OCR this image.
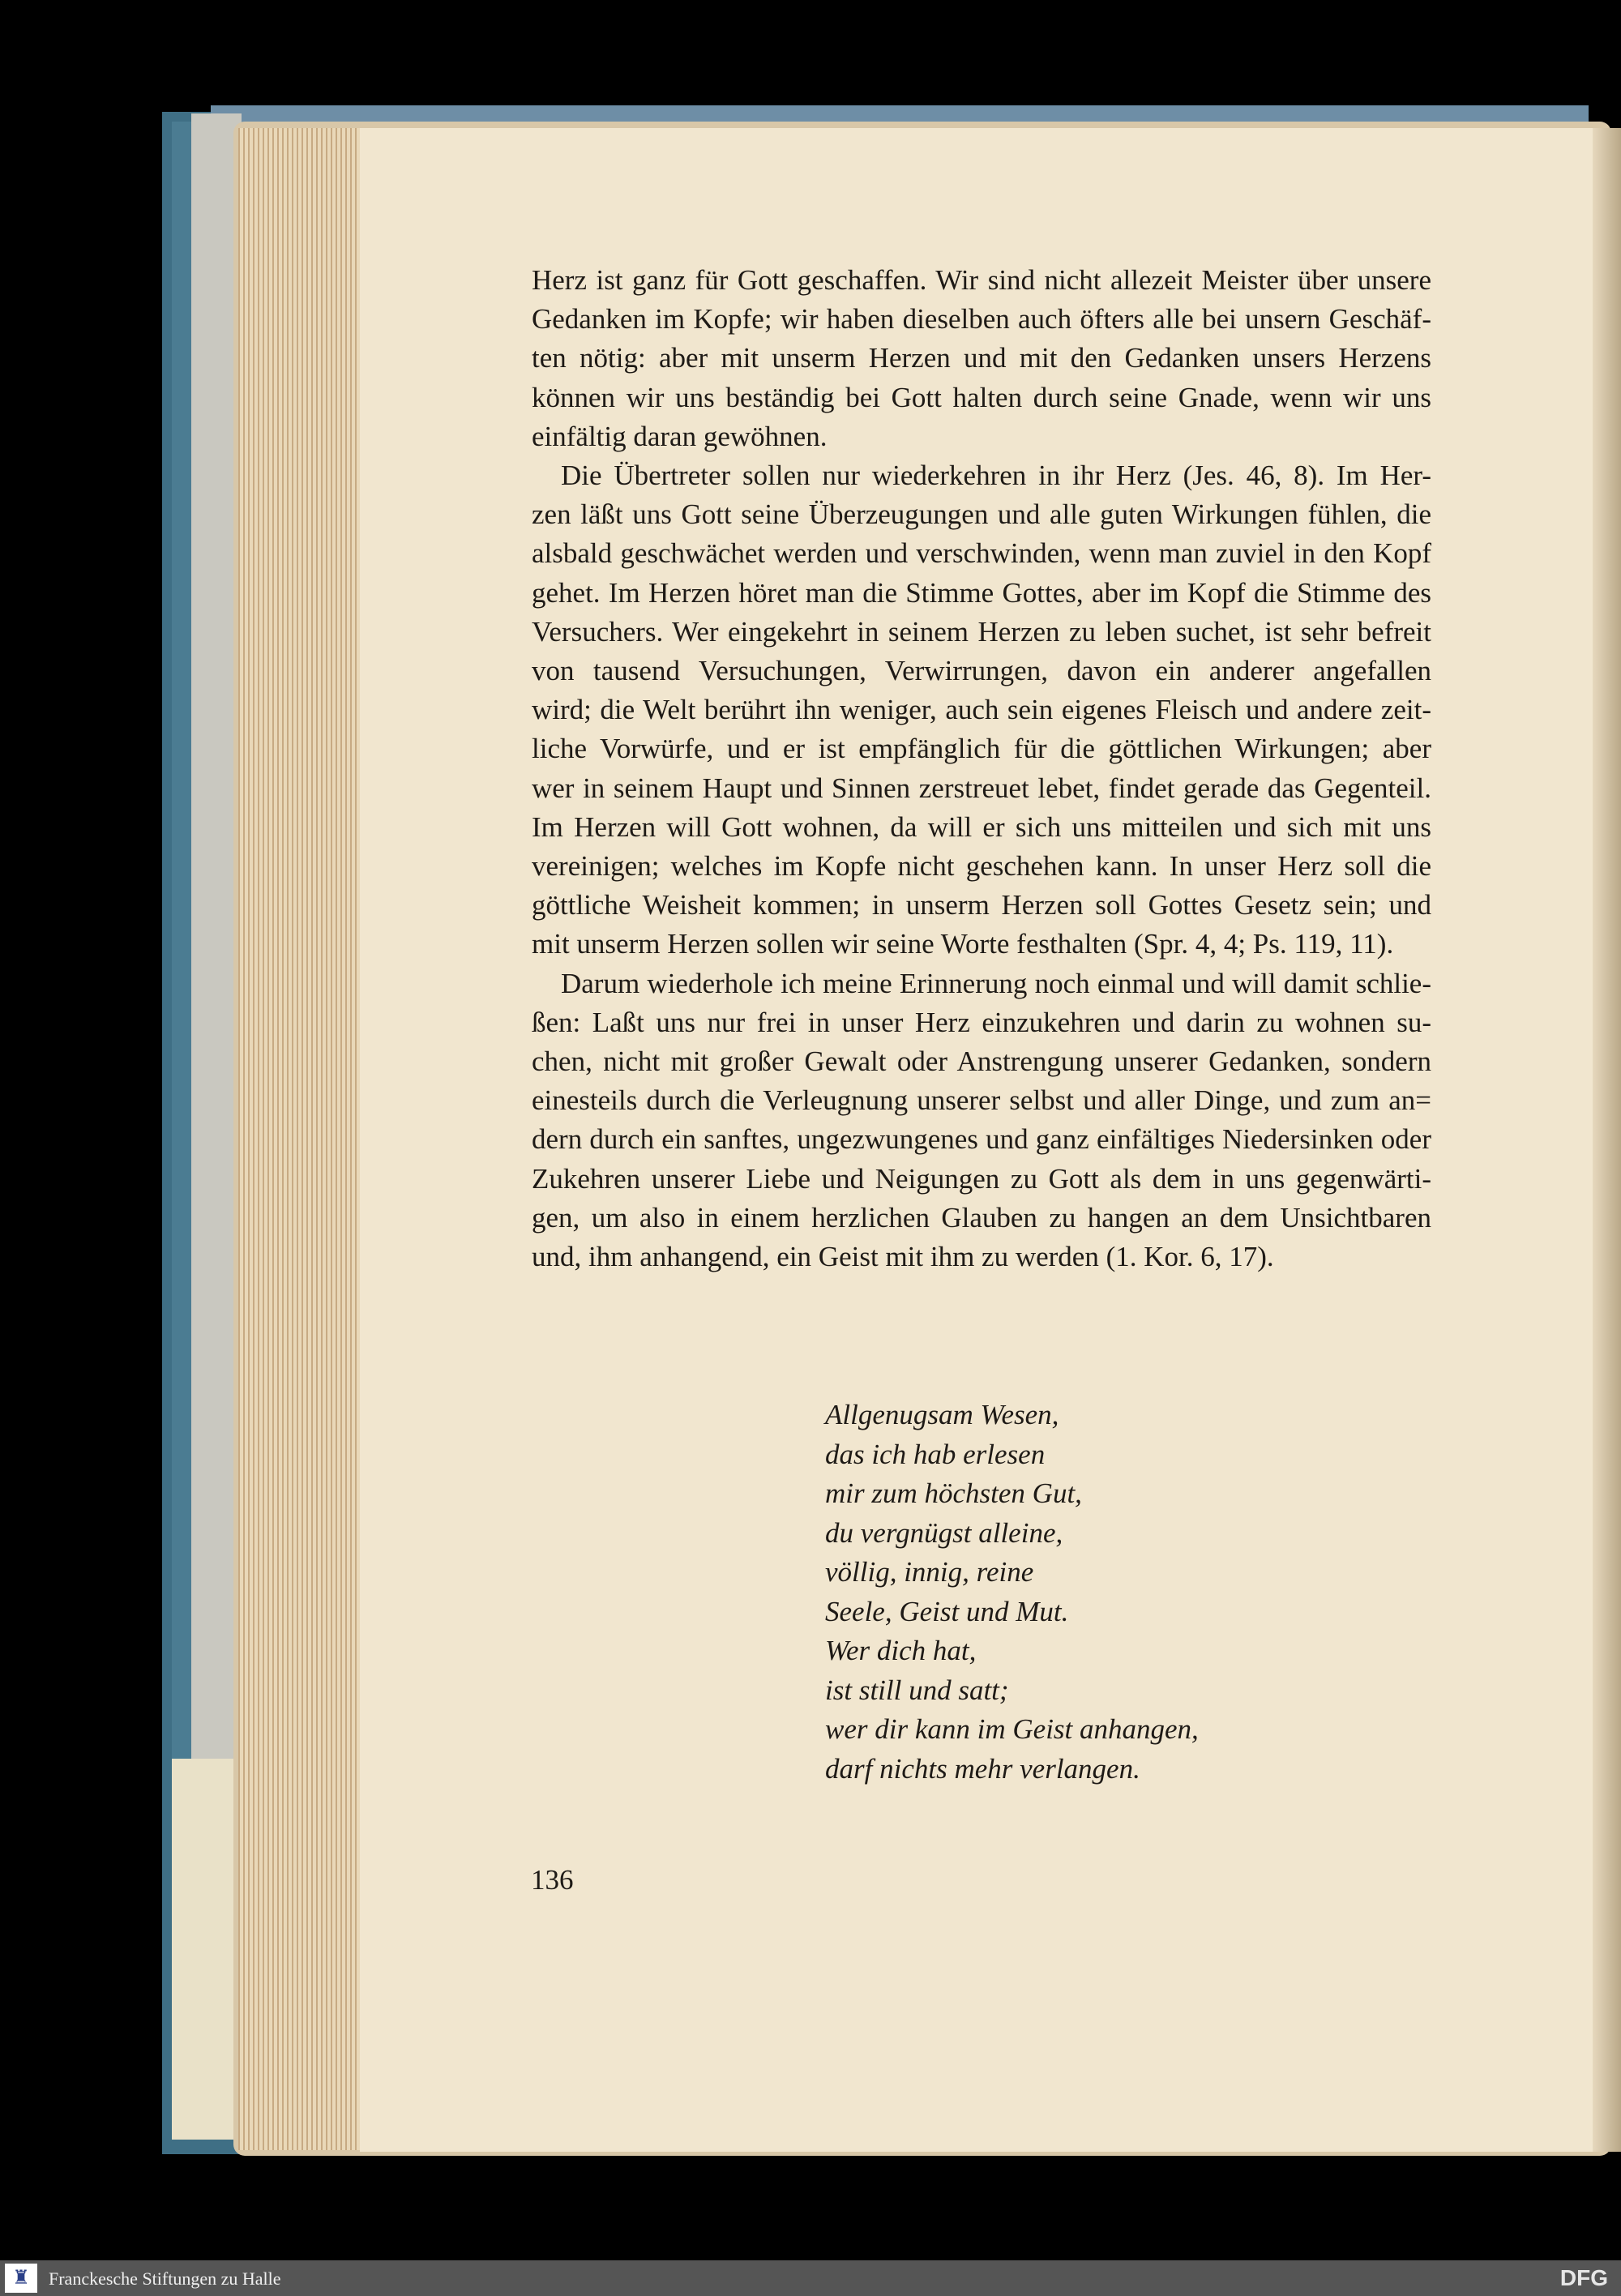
Herz ist ganz für Gott geschaffen. Wir sind nicht allezeit Meister über unsere

Gedanken im Kopfe; wir haben dieselben auch öfters alle bei unsern Geschäf-

ten nötig: aber mit unserm Herzen und mit den Gedanken unsers Herzens

können wir uns beständig bei Gott halten durch seine Gnade, wenn wir uns

einfältig daran gewöhnen.

Die Übertreter sollen nur wiederkehren in ihr Herz (Jes. 46, 8). Im Her-

zen läßt uns Gott seine Überzeugungen und alle guten Wirkungen fühlen, die

alsbald geschwächet werden und verschwinden, wenn man zuviel in den Kopf

gehet. Im Herzen höret man die Stimme Gottes, aber im Kopf die Stimme des

Versuchers. Wer eingekehrt in seinem Herzen zu leben suchet, ist sehr befreit

von tausend Versuchungen, Verwirrungen, davon ein anderer angefallen

wird; die Welt berührt ihn weniger, auch sein eigenes Fleisch und andere zeit-

liche Vorwürfe, und er ist empfänglich für die göttlichen Wirkungen; aber

wer in seinem Haupt und Sinnen zerstreuet lebet, findet gerade das Gegenteil.

Im Herzen will Gott wohnen, da will er sich uns mitteilen und sich mit uns

vereinigen; welches im Kopfe nicht geschehen kann. In unser Herz soll die

göttliche Weisheit kommen; in unserm Herzen soll Gottes Gesetz sein; und

mit unserm Herzen sollen wir seine Worte festhalten (Spr. 4, 4; Ps. 119, 11).

Darum wiederhole ich meine Erinnerung noch einmal und will damit schlie-

ßen: Laßt uns nur frei in unser Herz einzukehren und darin zu wohnen su-

chen, nicht mit großer Gewalt oder Anstrengung unserer Gedanken, sondern

einesteils durch die Verleugnung unserer selbst und aller Dinge, und zum an=

dern durch ein sanftes, ungezwungenes und ganz einfältiges Niedersinken oder

Zukehren unserer Liebe und Neigungen zu Gott als dem in uns gegenwärti-

gen, um also in einem herzlichen Glauben zu hangen an dem Unsichtbaren

und, ihm anhangend, ein Geist mit ihm zu werden (1. Kor. 6, 17).

Allgenugsam Wesen,
das ich hab erlesen
mir zum höchsten Gut,
du vergnügst alleine,
völlig, innig, reine
Seele, Geist und Mut.
Wer dich hat,
ist still und satt;
wer dir kann im Geist anhangen,
darf nichts mehr verlangen.
136
♜	Franckesche Stiftungen zu Halle	DFG
